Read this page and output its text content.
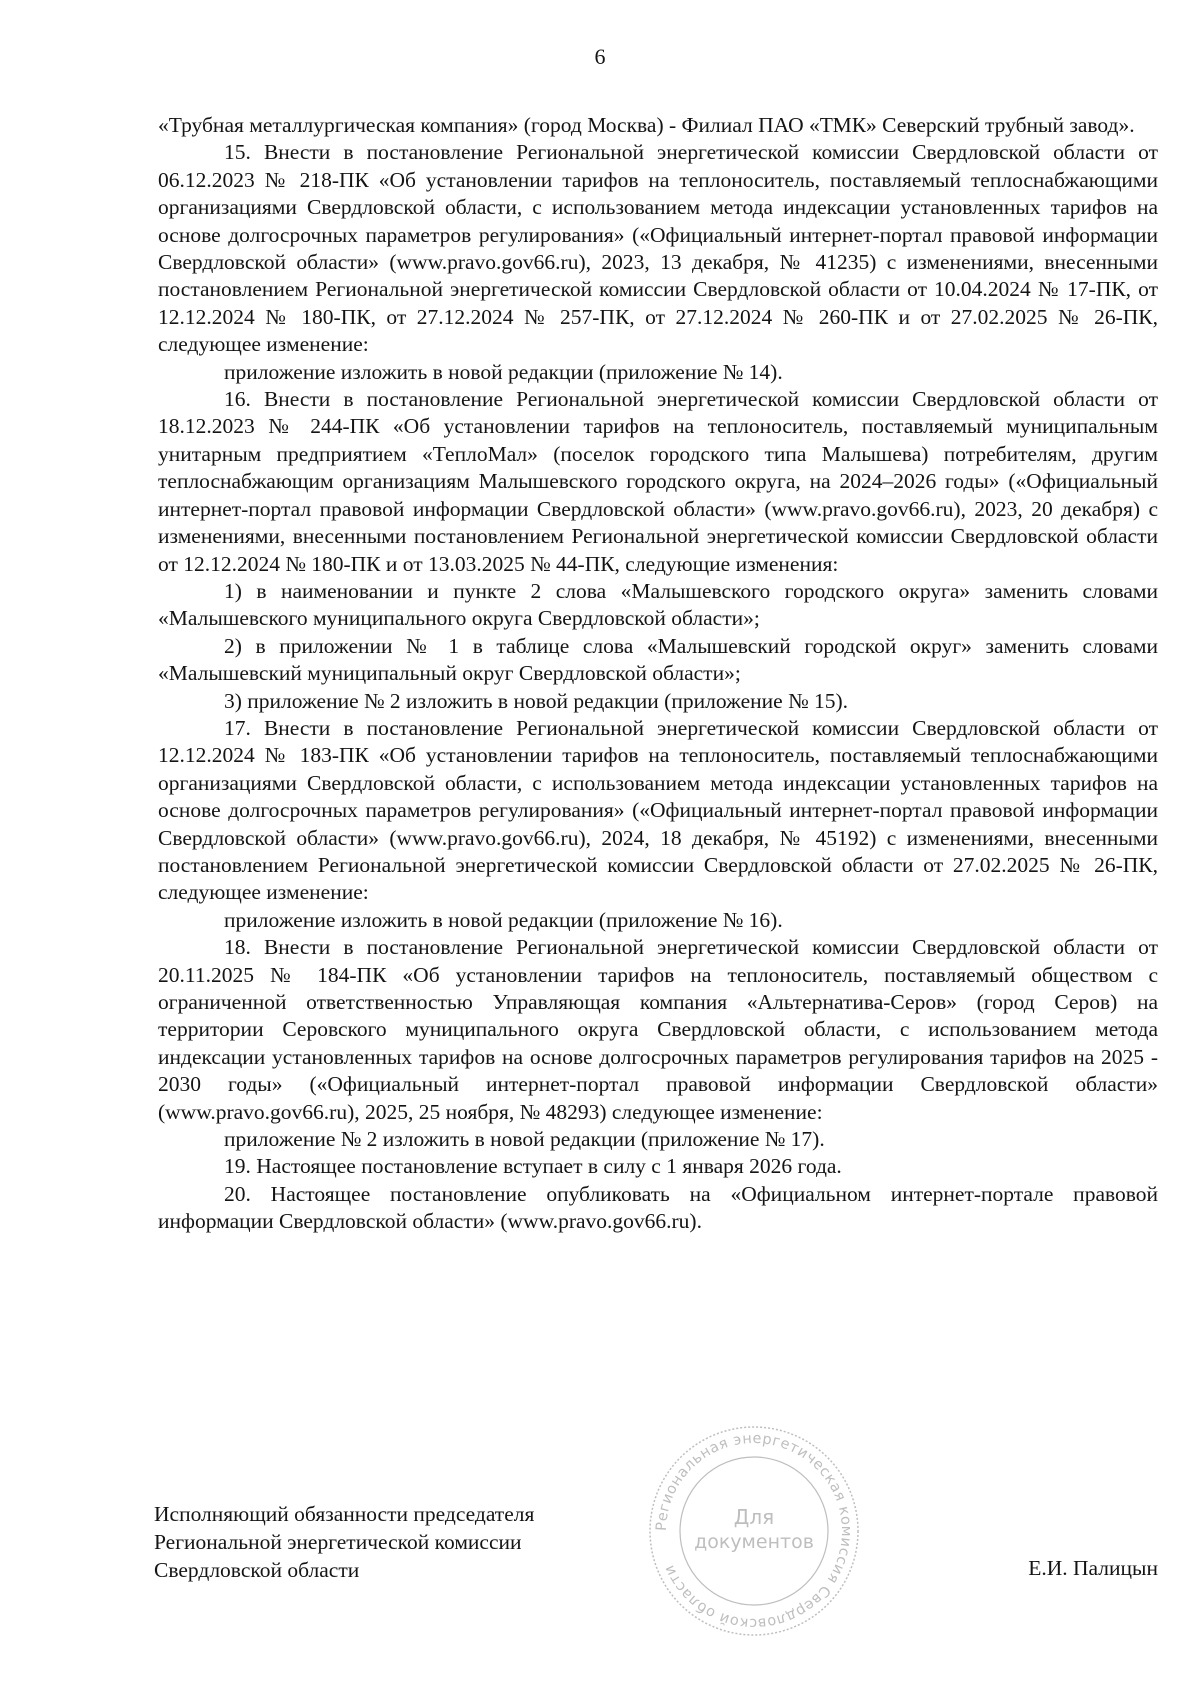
6

«Трубная металлургическая компания» (город Москва) - Филиал ПАО «ТМК» Северский трубный завод».

15. Внести в постановление Региональной энергетической комиссии Свердловской области от 06.12.2023 № 218-ПК «Об установлении тарифов на теплоноситель, поставляемый теплоснабжающими организациями Свердловской области, с использованием метода индексации установленных тарифов на основе долгосрочных параметров регулирования» («Официальный интернет-портал правовой информации Свердловской области» (www.pravo.gov66.ru), 2023, 13 декабря, № 41235) с изменениями, внесенными постановлением Региональной энергетической комиссии Свердловской области от 10.04.2024 № 17-ПК, от 12.12.2024 № 180-ПК, от 27.12.2024 № 257-ПК, от 27.12.2024 № 260-ПК и от 27.02.2025 № 26-ПК, следующее изменение:

приложение изложить в новой редакции (приложение № 14).

16. Внести в постановление Региональной энергетической комиссии Свердловской области от 18.12.2023 № 244-ПК «Об установлении тарифов на теплоноситель, поставляемый муниципальным унитарным предприятием «ТеплоМал» (поселок городского типа Малышева) потребителям, другим теплоснабжающим организациям Малышевского городского округа, на 2024–2026 годы» («Официальный интернет-портал правовой информации Свердловской области» (www.pravo.gov66.ru), 2023, 20 декабря) с изменениями, внесенными постановлением Региональной энергетической комиссии Свердловской области от 12.12.2024 № 180-ПК и от 13.03.2025 № 44-ПК, следующие изменения:

1) в наименовании и пункте 2 слова «Малышевского городского округа» заменить словами «Малышевского муниципального округа Свердловской области»;

2) в приложении № 1 в таблице слова «Малышевский городской округ» заменить словами «Малышевский муниципальный округ Свердловской области»;

3) приложение № 2 изложить в новой редакции (приложение № 15).

17. Внести в постановление Региональной энергетической комиссии Свердловской области от 12.12.2024 № 183-ПК «Об установлении тарифов на теплоноситель, поставляемый теплоснабжающими организациями Свердловской области, с использованием метода индексации установленных тарифов на основе долгосрочных параметров регулирования» («Официальный интернет-портал правовой информации Свердловской области» (www.pravo.gov66.ru), 2024, 18 декабря, № 45192) с изменениями, внесенными постановлением Региональной энергетической комиссии Свердловской области от 27.02.2025 № 26-ПК, следующее изменение:

приложение изложить в новой редакции (приложение № 16).

18. Внести в постановление Региональной энергетической комиссии Свердловской области от 20.11.2025 № 184-ПК «Об установлении тарифов на теплоноситель, поставляемый обществом с ограниченной ответственностью Управляющая компания «Альтернатива-Серов» (город Серов) на территории Серовского муниципального округа Свердловской области, с использованием метода индексации установленных тарифов на основе долгосрочных параметров регулирования тарифов на 2025 - 2030 годы» («Официальный интернет-портал правовой информации Свердловской области» (www.pravo.gov66.ru), 2025, 25 ноября, № 48293) следующее изменение:

приложение № 2 изложить в новой редакции (приложение № 17).

19. Настоящее постановление вступает в силу с 1 января 2026 года.

20. Настоящее постановление опубликовать на «Официальном интернет-портале правовой информации Свердловской области» (www.pravo.gov66.ru).

Исполняющий обязанности председателя
Региональной энергетической комиссии
Свердловской области
Региональная энергетическая комиссия Свердловской области
Для
документов
Е.И. Палицын
